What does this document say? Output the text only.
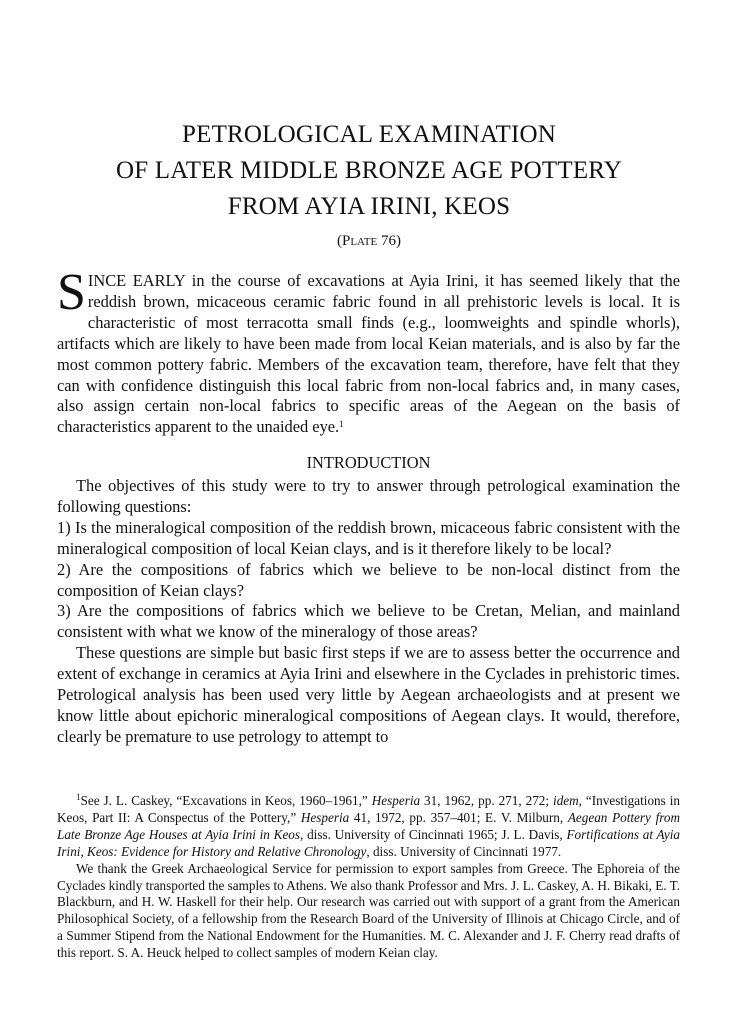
PETROLOGICAL EXAMINATION
OF LATER MIDDLE BRONZE AGE POTTERY
FROM AYIA IRINI, KEOS
(Plate 76)

SINCE EARLY in the course of excavations at Ayia Irini, it has seemed likely that the reddish brown, micaceous ceramic fabric found in all prehistoric levels is local. It is characteristic of most terracotta small finds (e.g., loomweights and spindle whorls), artifacts which are likely to have been made from local Keian materials, and is also by far the most common pottery fabric. Members of the excavation team, therefore, have felt that they can with confidence distinguish this local fabric from non-local fabrics and, in many cases, also assign certain non-local fabrics to specific areas of the Aegean on the basis of characteristics apparent to the unaided eye.$^1$

INTRODUCTION

The objectives of this study were to try to answer through petrological examination the following questions:

1) Is the mineralogical composition of the reddish brown, micaceous fabric consistent with the mineralogical composition of local Keian clays, and is it therefore likely to be local?

2) Are the compositions of fabrics which we believe to be non-local distinct from the composition of Keian clays?

3) Are the compositions of fabrics which we believe to be Cretan, Melian, and mainland consistent with what we know of the mineralogy of those areas?

These questions are simple but basic first steps if we are to assess better the occurrence and extent of exchange in ceramics at Ayia Irini and elsewhere in the Cyclades in prehistoric times. Petrological analysis has been used very little by Aegean archaeologists and at present we know little about epichoric mineralogical compositions of Aegean clays. It would, therefore, clearly be premature to use petrology to attempt to

$^1$See J. L. Caskey, “Excavations in Keos, 1960–1961,” Hesperia 31, 1962, pp. 271, 272; idem, “Investigations in Keos, Part II: A Conspectus of the Pottery,” Hesperia 41, 1972, pp. 357–401; E. V. Milburn, Aegean Pottery from Late Bronze Age Houses at Ayia Irini in Keos, diss. University of Cincinnati 1965; J. L. Davis, Fortifications at Ayia Irini, Keos: Evidence for History and Relative Chronology, diss. University of Cincinnati 1977.

We thank the Greek Archaeological Service for permission to export samples from Greece. The Ephoreia of the Cyclades kindly transported the samples to Athens. We also thank Professor and Mrs. J. L. Caskey, A. H. Bikaki, E. T. Blackburn, and H. W. Haskell for their help. Our research was carried out with support of a grant from the American Philosophical Society, of a fellowship from the Research Board of the University of Illinois at Chicago Circle, and of a Summer Stipend from the National Endowment for the Humanities. M. C. Alexander and J. F. Cherry read drafts of this report. S. A. Heuck helped to collect samples of modern Keian clay.
